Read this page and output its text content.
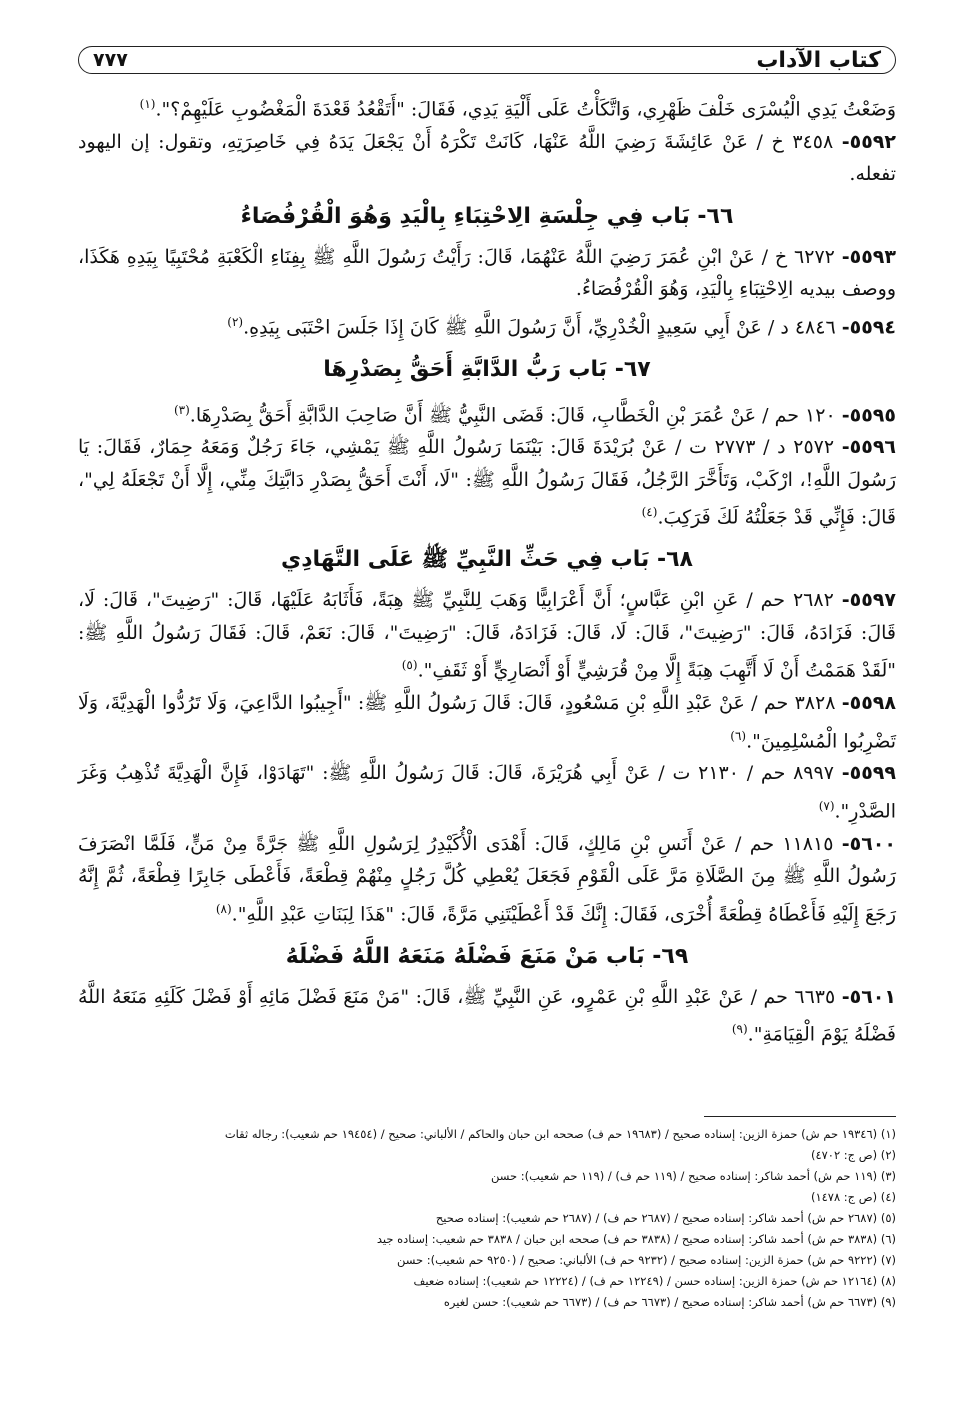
كتاب الآداب
٧٧٧

وَضَعْتُ يَدِي الْيُسْرَى خَلْفَ ظَهْرِي، وَاتَّكَأْتُ عَلَى أَلْيَةِ يَدِي، فَقَالَ: "أَتَقْعُدُ قَعْدَةَ الْمَغْضُوبِ عَلَيْهِمْ؟".$^{(١)}$

٥٥٩٢- ٣٤٥٨ خ / عَنْ عَائِشَةَ رَضِيَ اللَّهُ عَنْهَا، كَانَتْ تَكْرَهُ أَنْ يَجْعَلَ يَدَهُ فِي خَاصِرَتِهِ، وتقول: إن اليهود تفعله.

٦٦- بَاب فِي جِلْسَةِ الِاحْتِبَاءِ بِالْيَدِ وَهُوَ الْقُرْفُصَاءُ

٥٥٩٣- ٦٢٧٢ خ / عَنْ ابْنِ عُمَرَ رَضِيَ اللَّهُ عَنْهُمَا، قَالَ: رَأَيْتُ رَسُولَ اللَّهِ ﷺ بِفِنَاءِ الْكَعْبَةِ مُحْتَبِيًا بِيَدِهِ هَكَذَا، ووصف بيديه الِاحْتِبَاءِ بِالْيَدِ، وَهُوَ الْقُرْفُصَاءُ.

٥٥٩٤- ٤٨٤٦ د / عَنْ أَبِي سَعِيدٍ الْخُدْرِيِّ، أَنَّ رَسُولَ اللَّهِ ﷺ كَانَ إِذَا جَلَسَ احْتَبَى بِيَدِهِ.$^{(٢)}$

٦٧- بَاب رَبُّ الدَّابَّةِ أَحَقُّ بِصَدْرِهَا

٥٥٩٥- ١٢٠ حم / عَنْ عُمَرَ بْنِ الْخَطَّابِ، قَالَ: قَضَى النَّبِيُّ ﷺ أَنَّ صَاحِبَ الدَّابَّةِ أَحَقُّ بِصَدْرِهَا.$^{(٣)}$

٥٥٩٦- ٢٥٧٢ د / ٢٧٧٣ ت / عَنْ بُرَيْدَةَ قَالَ: بَيْنَمَا رَسُولُ اللَّهِ ﷺ يَمْشِي، جَاءَ رَجُلٌ وَمَعَهُ حِمَارٌ، فَقَالَ: يَا رَسُولَ اللَّهِ!، ارْكَبْ، وَتَأَخَّرَ الرَّجُلُ، فَقَالَ رَسُولُ اللَّهِ ﷺ: "لَا، أَنْتَ أَحَقُّ بِصَدْرِ دَابَّتِكَ مِنِّي، إِلَّا أَنْ تَجْعَلَهُ لِي"، قَالَ: فَإِنِّي قَدْ جَعَلْتُهُ لَكَ فَرَكِبَ.$^{(٤)}$

٦٨- بَاب فِي حَثِّ النَّبِيِّ ﷺ عَلَى التَّهَادِي

٥٥٩٧- ٢٦٨٢ حم / عَنِ ابْنِ عَبَّاسٍ؛ أَنَّ أَعْرَابِيًّا وَهَبَ لِلنَّبِيِّ ﷺ هِبَةً، فَأَثَابَهُ عَلَيْهَا، قَالَ: "رَضِيتَ"، قَالَ: لَا، قَالَ: فَزَادَهُ، قَالَ: "رَضِيتَ"، قَالَ: لَا، قَالَ: فَزَادَهُ، قَالَ: "رَضِيتَ"، قَالَ: نَعَمْ، قَالَ: فَقَالَ رَسُولُ اللَّهِ ﷺ: "لَقَدْ هَمَمْتُ أَنْ لَا أَتَّهِبَ هِبَةً إِلَّا مِنْ قُرَشِيٍّ أَوْ أَنْصَارِيٍّ أَوْ ثَقَفِ".$^{(٥)}$

٥٥٩٨- ٣٨٢٨ حم / عَنْ عَبْدِ اللَّهِ بْنِ مَسْعُودٍ، قَالَ: قَالَ رَسُولُ اللَّهِ ﷺ: "أَجِيبُوا الدَّاعِيَ، وَلَا تَرُدُّوا الْهَدِيَّةَ، وَلَا تَضْرِبُوا الْمُسْلِمِينَ".$^{(٦)}$

٥٥٩٩- ٨٩٩٧ حم / ٢١٣٠ ت / عَنْ أَبِي هُرَيْرَةَ، قَالَ: قَالَ رَسُولُ اللَّهِ ﷺ: "تَهَادَوْا، فَإِنَّ الْهَدِيَّةَ تُذْهِبُ وَغَرَ الصَّدْرِ".$^{(٧)}$

٥٦٠٠- ١١٨١٥ حم / عَنْ أَنَسِ بْنِ مَالِكٍ، قَالَ: أَهْدَى الْأُكَيْدِرُ لِرَسُولِ اللَّهِ ﷺ جَرَّةً مِنْ مَنٍّ، فَلَمَّا انْصَرَفَ رَسُولُ اللَّهِ ﷺ مِنَ الصَّلَاةِ مَرَّ عَلَى الْقَوْمِ فَجَعَلَ يُعْطِي كُلَّ رَجُلٍ مِنْهُمْ قِطْعَةً، فَأَعْطَى جَابِرًا قِطْعَةً، ثُمَّ إِنَّهُ رَجَعَ إِلَيْهِ فَأَعْطَاهُ قِطْعَةً أُخْرَى، فَقَالَ: إِنَّكَ قَدْ أَعْطَيْتَنِي مَرَّةً، قَالَ: "هَذَا لِبَنَاتِ عَبْدِ اللَّهِ".$^{(٨)}$

٦٩- بَاب مَنْ مَنَعَ فَضْلَهُ مَنَعَهُ اللَّهُ فَضْلَهُ

٥٦٠١- ٦٦٣٥ حم / عَنْ عَبْدِ اللَّهِ بْنِ عَمْرٍو، عَنِ النَّبِيِّ ﷺ، قَالَ: "مَنْ مَنَعَ فَضْلَ مَائِهِ أَوْ فَضْلَ كَلَئِهِ مَنَعَهُ اللَّهُ فَضْلَهُ يَوْمَ الْقِيَامَةِ".$^{(٩)}$

(١) (١٩٣٤٦ حم ش) حمزة الزين: إسناده صحيح / (١٩٦٨٣ حم ف) صححه ابن حبان والحاكم / الألباني: صحيح / (١٩٤٥٤ حم شعيب): رجاله ثقات
(٢) (ص ج: ٤٧٠٢)
(٣) (١١٩ حم ش) أحمد شاكر: إسناده صحيح / (١١٩ حم ف) / (١١٩ حم شعيب): حسن
(٤) (ص ج: ١٤٧٨)
(٥) (٢٦٨٧ حم ش) أحمد شاكر: إسناده صحيح / (٢٦٨٧ حم ف) / (٢٦٨٧ حم شعيب): إسناده صحيح
(٦) (٣٨٣٨ حم ش) أحمد شاكر: إسناده صحيح / (٣٨٣٨ حم ف) صححه ابن حبان / ٣٨٣٨ حم شعيب: إسناده جيد
(٧) (٩٢٢٢ حم ش) حمزة الزين: إسناده صحيح / (٩٢٣٢ حم ف) الألباني: صحيح / (٩٢٥٠ حم شعيب): حسن
(٨) (١٢١٦٤ حم ش) حمزة الزين: إسناده حسن / (١٢٢٤٩ حم ف) / (١٢٢٢٤ حم شعيب): إسناده ضعيف
(٩) (٦٦٧٣ حم ش) أحمد شاكر: إسناده صحيح / (٦٦٧٣ حم ف) / (٦٦٧٣ حم شعيب): حسن لغيره
